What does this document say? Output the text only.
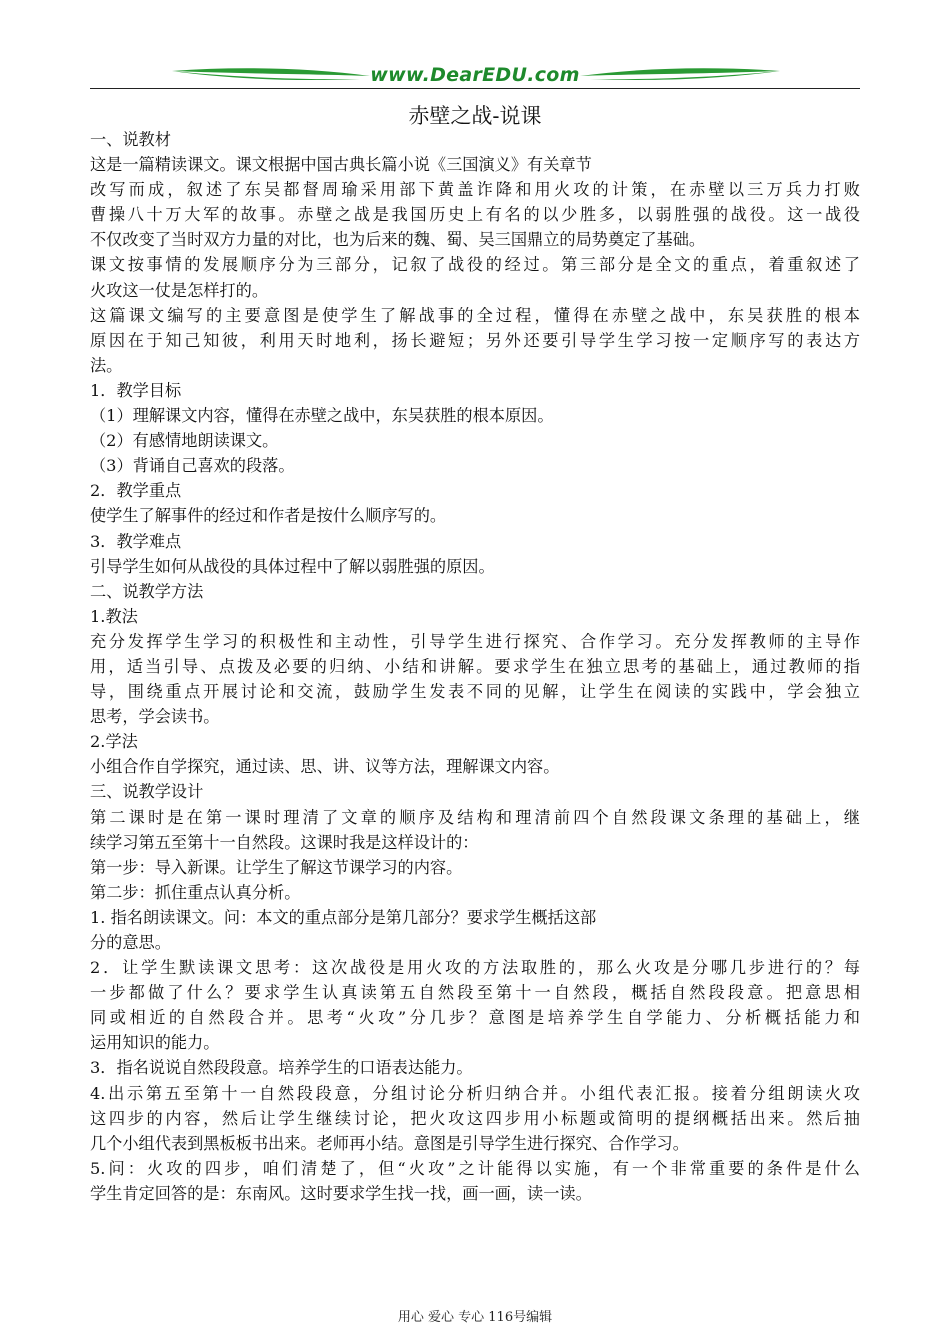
www.DearEDU.com
赤壁之战-说课
一、说教材
这是一篇精读课文。课文根据中国古典长篇小说《三国演义》有关章节
改写而成，叙述了东吴都督周瑜采用部下黄盖诈降和用火攻的计策，在赤壁以三万兵力打败
曹操八十万大军的故事。赤壁之战是我国历史上有名的以少胜多，以弱胜强的战役。这一战役
不仅改变了当时双方力量的对比，也为后来的魏、蜀、吴三国鼎立的局势奠定了基础。
课文按事情的发展顺序分为三部分，记叙了战役的经过。第三部分是全文的重点，着重叙述了
火攻这一仗是怎样打的。
这篇课文编写的主要意图是使学生了解战事的全过程，懂得在赤壁之战中，东吴获胜的根本
原因在于知己知彼，利用天时地利，扬长避短；另外还要引导学生学习按一定顺序写的表达方
法。
1．教学目标
（1）理解课文内容，懂得在赤壁之战中，东吴获胜的根本原因。
（2）有感情地朗读课文。
（3）背诵自己喜欢的段落。
2．教学重点
使学生了解事件的经过和作者是按什么顺序写的。
3．教学难点
引导学生如何从战役的具体过程中了解以弱胜强的原因。
二、说教学方法
1.教法
充分发挥学生学习的积极性和主动性，引导学生进行探究、合作学习。充分发挥教师的主导作
用，适当引导、点拨及必要的归纳、小结和讲解。要求学生在独立思考的基础上，通过教师的指
导，围绕重点开展讨论和交流，鼓励学生发表不同的见解，让学生在阅读的实践中，学会独立
思考，学会读书。
2.学法
小组合作自学探究，通过读、思、讲、议等方法，理解课文内容。
三、说教学设计
第二课时是在第一课时理清了文章的顺序及结构和理清前四个自然段课文条理的基础上，继
续学习第五至第十一自然段。这课时我是这样设计的：
第一步：导入新课。让学生了解这节课学习的内容。
第二步：抓住重点认真分析。
1. 指名朗读课文。问：本文的重点部分是第几部分？要求学生概括这部
分的意思。
2．让学生默读课文思考：这次战役是用火攻的方法取胜的，那么火攻是分哪几步进行的？每
一步都做了什么？要求学生认真读第五自然段至第十一自然段，概括自然段段意。把意思相
同或相近的自然段合并。思考“火攻”分几步？意图是培养学生自学能力、分析概括能力和
运用知识的能力。
3．指名说说自然段段意。培养学生的口语表达能力。
4.出示第五至第十一自然段段意，分组讨论分析归纳合并。小组代表汇报。接着分组朗读火攻
这四步的内容，然后让学生继续讨论，把火攻这四步用小标题或简明的提纲概括出来。然后抽
几个小组代表到黑板板书出来。老师再小结。意图是引导学生进行探究、合作学习。
5.问：火攻的四步，咱们清楚了，但“火攻”之计能得以实施，有一个非常重要的条件是什么
学生肯定回答的是：东南风。这时要求学生找一找，画一画，读一读。
用心 爱心 专心 116号编辑
